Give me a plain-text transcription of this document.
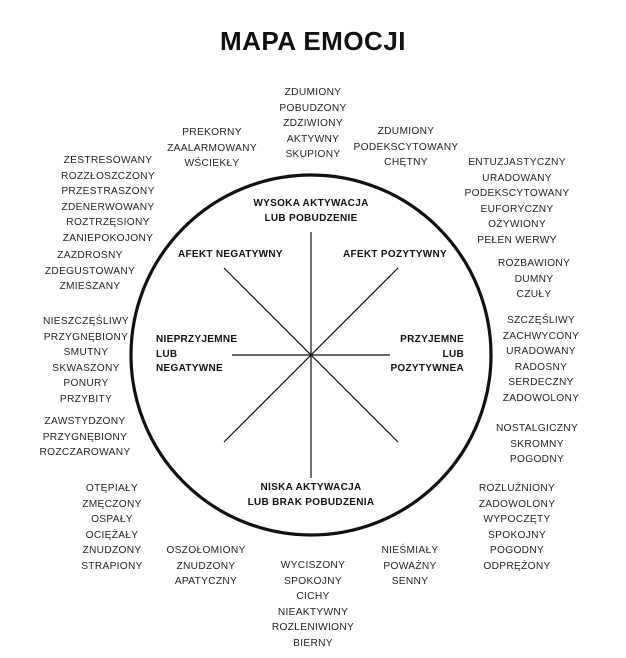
MAPA EMOCJI
WYSOKA AKTYWACJA
LUB POBUDZENIE
NISKA AKTYWACJA
LUB BRAK POBUDZENIA
NIEPRZYJEMNE
LUB
NEGATYWNE
PRZYJEMNE
LUB
POZYTYWNEA
AFEKT NEGATYWNY	AFEKT POZYTYWNY
ZDUMIONY
POBUDZONY
ZDZIWIONY
AKTYWNY
SKUPIONY
ZDUMIONY
PODEKSCYTOWANY
CHĘTNY	ENTUZJASTYCZNY
URADOWANY
PODEKSCYTOWANY
EUFORYCZNY
OŻYWIONY
PEŁEN WERWY
ROZBAWIONY
DUMNY
CZUŁY
SZCZĘŚLIWY
ZACHWYCONY
URADOWANY
RADOSNY
SERDECZNY
ZADOWOLONY
NOSTALGICZNY
SKROMNY
POGODNY
ROZLUŹNIONY
ZADOWOLONY
WYPOCZĘTY
SPOKOJNY
POGODNY
ODPRĘŻONY
NIEŚMIAŁY
POWAŻNY
SENNY
WYCISZONY
SPOKOJNY
CICHY
NIEAKTYWNY
ROZLENIWIONY
BIERNY
OSZOŁOMIONY
ZNUDZONY
APATYCZNY
OTĘPIAŁY
ZMĘCZONY
OSPAŁY
OCIĘŻAŁY
ZNUDZONY
STRAPIONY
ZAWSTYDZONY
PRZYGNĘBIONY
ROZCZAROWANY
NIESZCZĘŚLIWY
PRZYGNĘBIONY
SMUTNY
SKWASZONY
PONURY
PRZYBITY
ZAZDROSNY
ZDEGUSTOWANY
ZMIESZANY
ZESTRESOWANY
ROZZŁOSZCZONY
PRZESTRASZONY
ZDENERWOWANY
ROZTRZĘSIONY
ZANIEPOKOJONY
PREKORNY
ZAALARMOWANY
WŚCIEKŁY
